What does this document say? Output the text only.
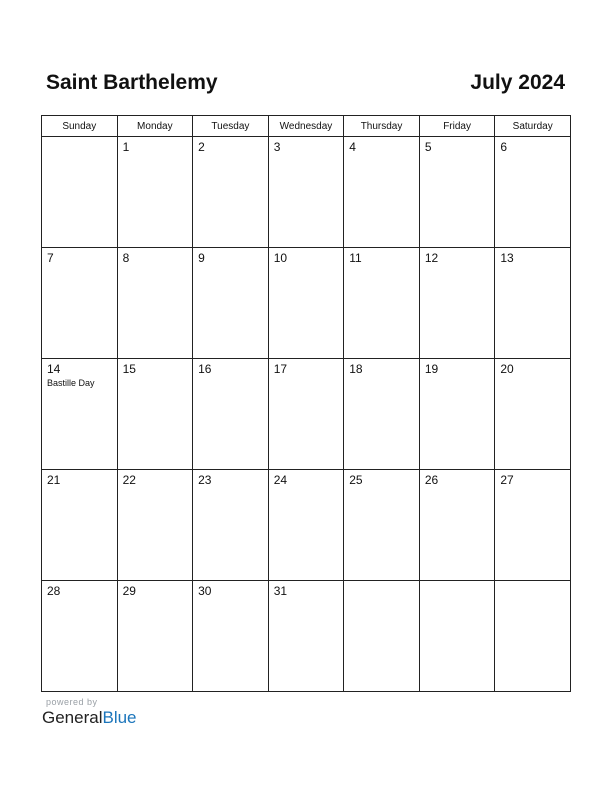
Saint Barthelemy	July 2024
Sunday	Monday	Tuesday	Wednesday	Thursday	Friday	Saturday

	1	2	3	4	5	6

7	8	9	10	11	12	13

14
Bastille Day	15	16	17	18	19	20

21	22	23	24	25	26	27

28	29	30	31			

powered by
GeneralBlue
